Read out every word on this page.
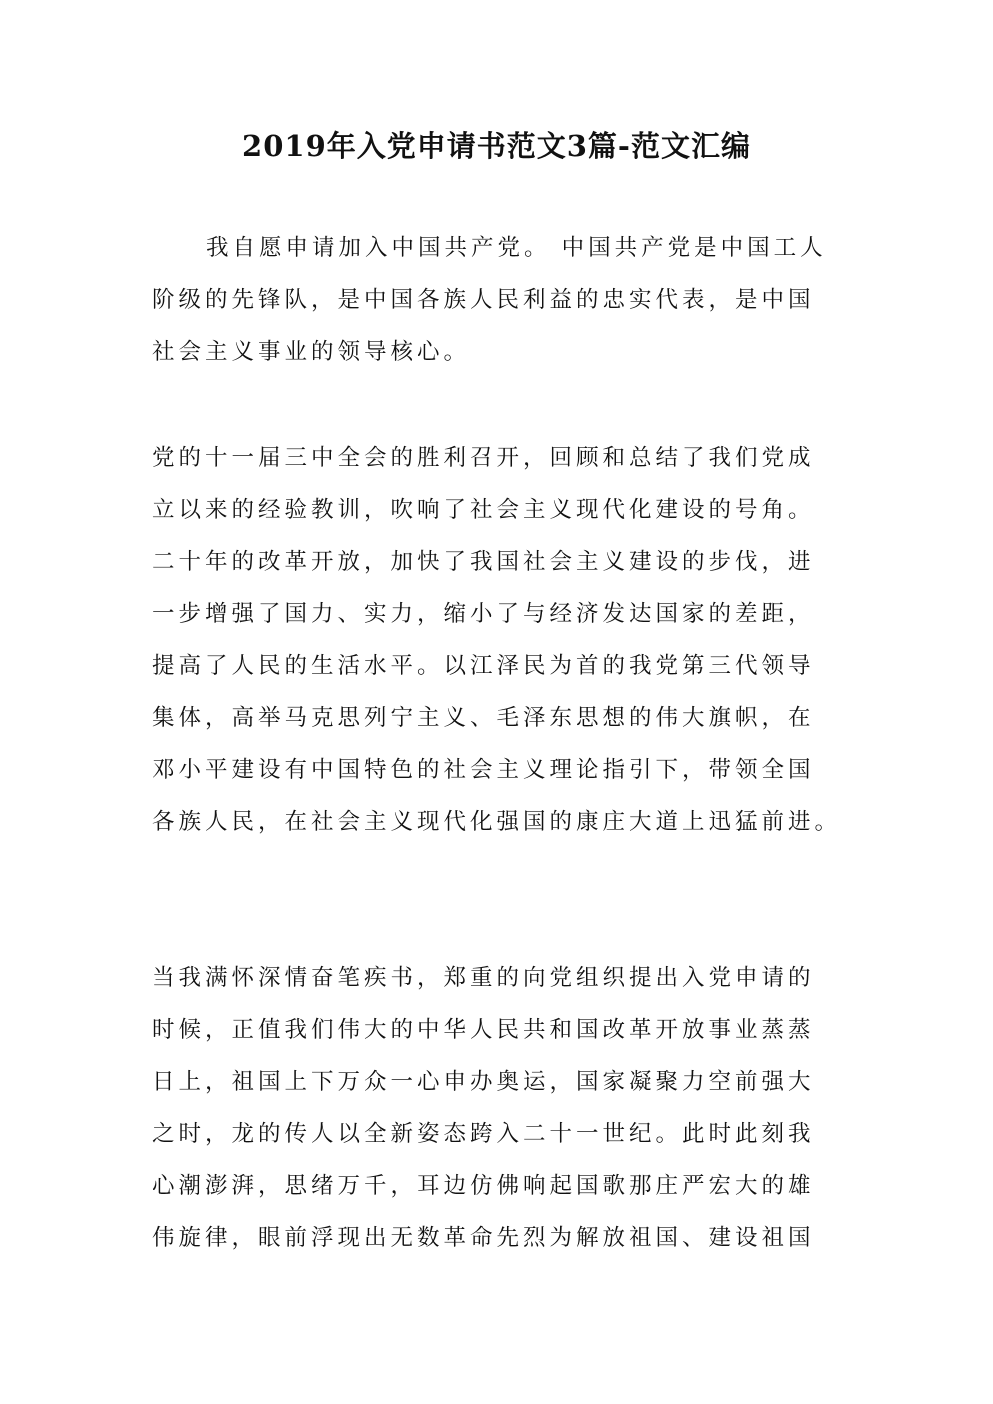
2019年入党申请书范文3篇-范文汇编

我自愿申请加入中国共产党。 中国共产党是中国工人
阶级的先锋队，是中国各族人民利益的忠实代表，是中国
社会主义事业的领导核心。

党的十一届三中全会的胜利召开，回顾和总结了我们党成
立以来的经验教训，吹响了社会主义现代化建设的号角。
二十年的改革开放，加快了我国社会主义建设的步伐，进
一步增强了国力、实力，缩小了与经济发达国家的差距，
提高了人民的生活水平。以江泽民为首的我党第三代领导
集体，高举马克思列宁主义、毛泽东思想的伟大旗帜，在
邓小平建设有中国特色的社会主义理论指引下，带领全国
各族人民，在社会主义现代化强国的康庄大道上迅猛前进。

当我满怀深情奋笔疾书，郑重的向党组织提出入党申请的
时候，正值我们伟大的中华人民共和国改革开放事业蒸蒸
日上，祖国上下万众一心申办奥运，国家凝聚力空前强大
之时，龙的传人以全新姿态跨入二十一世纪。此时此刻我
心潮澎湃，思绪万千，耳边仿佛响起国歌那庄严宏大的雄
伟旋律，眼前浮现出无数革命先烈为解放祖国、建设祖国
